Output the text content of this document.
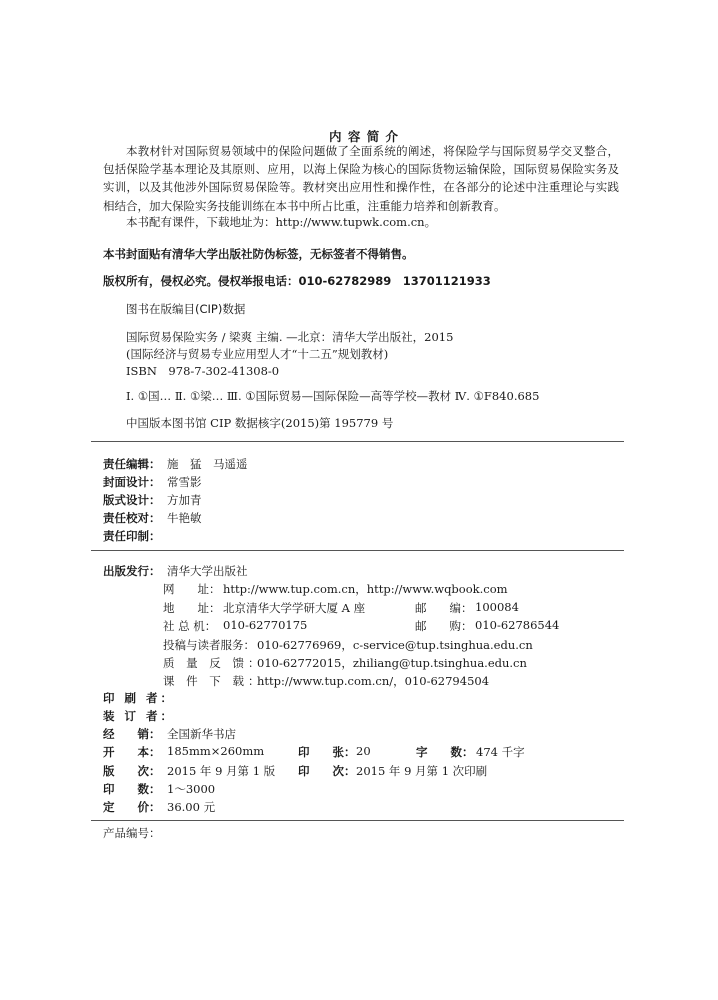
内 容 简 介
本教材针对国际贸易领域中的保险问题做了全面系统的阐述，将保险学与国际贸易学交叉整合，包括保险学基本理论及其原则、应用，以海上保险为核心的国际货物运输保险，国际贸易保险实务及实训，以及其他涉外国际贸易保险等。教材突出应用性和操作性，在各部分的论述中注重理论与实践相结合，加大保险实务技能训练在本书中所占比重，注重能力培养和创新教育。
本书配有课件，下载地址为：http://www.tupwk.com.cn。
本书封面贴有清华大学出版社防伪标签，无标签者不得销售。
版权所有，侵权必究。侵权举报电话：010-62782989　13701121933
图书在版编目(CIP)数据
国际贸易保险实务 / 梁爽 主编. —北京：清华大学出版社，2015
(国际经济与贸易专业应用型人才“十二五”规划教材)
ISBN　978-7-302-41308-0
Ⅰ. ①国… Ⅱ. ①梁… Ⅲ. ①国际贸易—国际保险—高等学校—教材 Ⅳ. ①F840.685
中国版本图书馆 CIP 数据核字(2015)第 195779 号
责任编辑： 施　猛　马遥遥
封面设计： 常雪影
版式设计： 方加青
责任校对： 牛艳敏
责任印制：
出版发行： 清华大学出版社
网　　址： http://www.tup.com.cn，http://www.wqbook.com
地　　址： 北京清华大学学研大厦 A 座	邮　　编： 100084
社 总 机： 010-62770175	邮　　购： 010-62786544
投稿与读者服务： 010-62776969，c-service@tup.tsinghua.edu.cn
质 量 反 馈：
010-62772015，zhiliang@tup.tsinghua.edu.cn
课 件 下 载：
http://www.tup.com.cn/，010-62794504
印 刷 者：
装 订 者：
经　　销： 全国新华书店
开　　本： 185mm×260mm	印　　张： 20	字　　数： 474 千字
版　　次： 2015 年 9 月第 1 版 印　　次： 2015 年 9 月第 1 次印刷
印　　数： 1～3000
定　　价： 36.00 元
产品编号：
